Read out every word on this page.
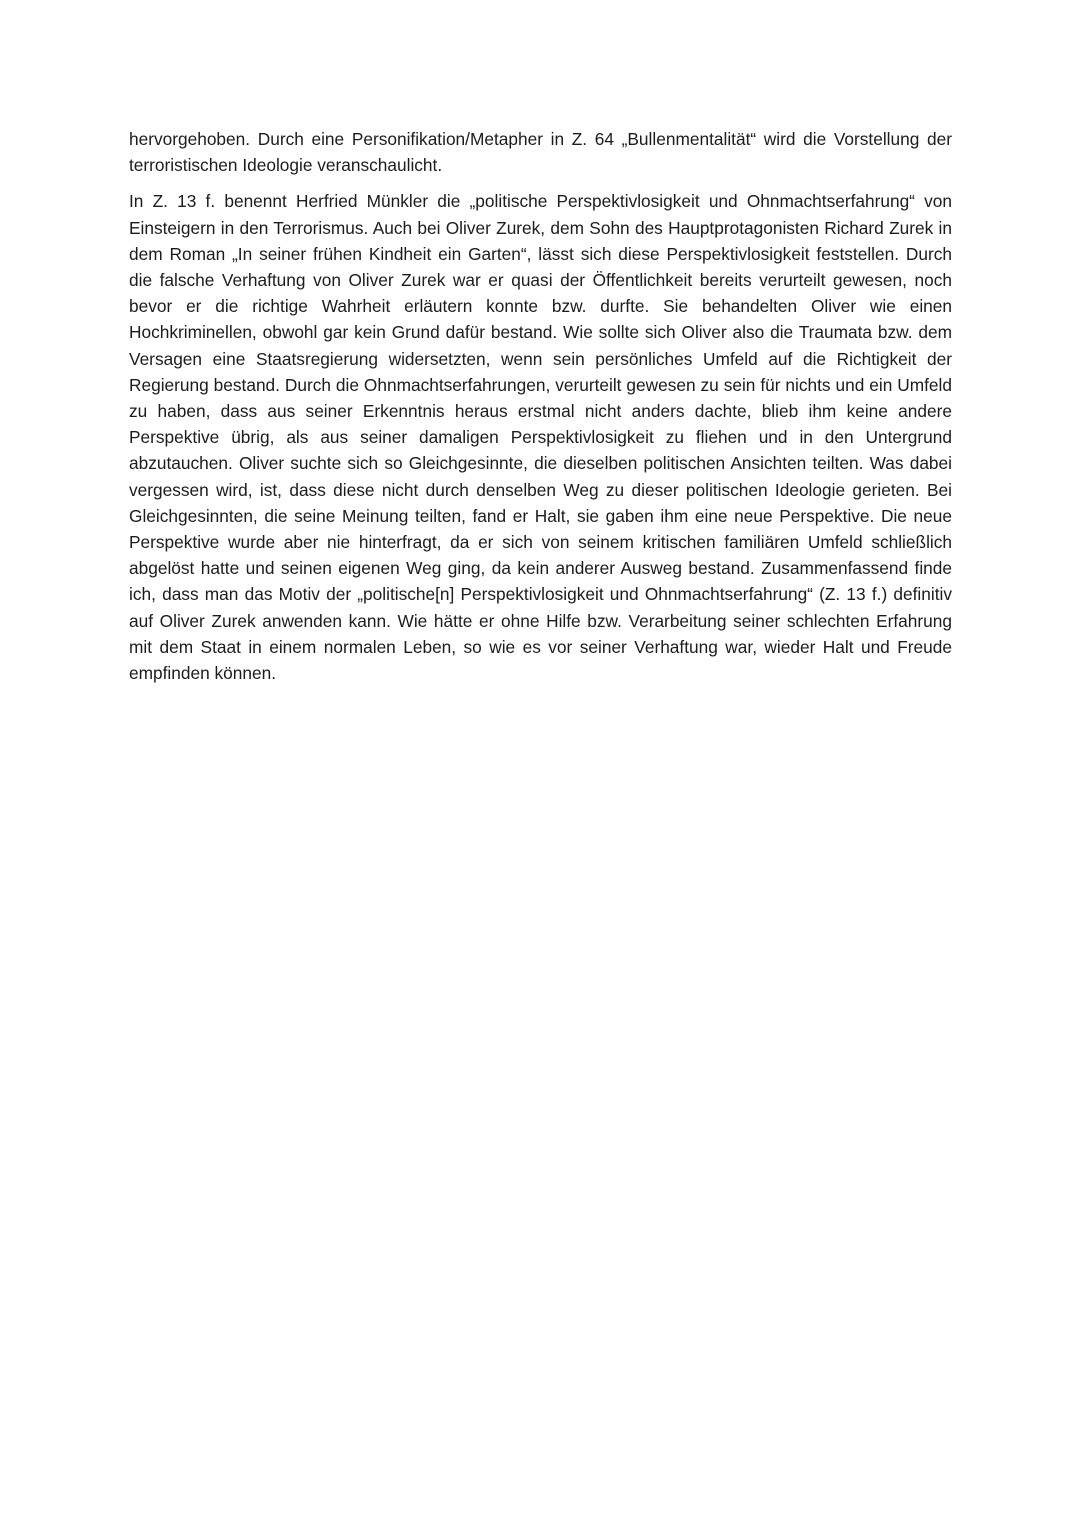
hervorgehoben. Durch eine Personifikation/Metapher in Z. 64 „Bullenmentalität“ wird die Vorstellung der terroristischen Ideologie veranschaulicht.

In Z. 13 f. benennt Herfried Münkler die „politische Perspektivlosigkeit und Ohnmachtserfahrung“ von Einsteigern in den Terrorismus. Auch bei Oliver Zurek, dem Sohn des Hauptprotagonisten Richard Zurek in dem Roman „In seiner frühen Kindheit ein Garten“, lässt sich diese Perspektivlosigkeit feststellen. Durch die falsche Verhaftung von Oliver Zurek war er quasi der Öffentlichkeit bereits verurteilt gewesen, noch bevor er die richtige Wahrheit erläutern konnte bzw. durfte. Sie behandelten Oliver wie einen Hochkriminellen, obwohl gar kein Grund dafür bestand. Wie sollte sich Oliver also die Traumata bzw. dem Versagen eine Staatsregierung widersetzten, wenn sein persönliches Umfeld auf die Richtigkeit der Regierung bestand. Durch die Ohnmachtserfahrungen, verurteilt gewesen zu sein für nichts und ein Umfeld zu haben, dass aus seiner Erkenntnis heraus erstmal nicht anders dachte, blieb ihm keine andere Perspektive übrig, als aus seiner damaligen Perspektivlosigkeit zu fliehen und in den Untergrund abzutauchen. Oliver suchte sich so Gleichgesinnte, die dieselben politischen Ansichten teilten. Was dabei vergessen wird, ist, dass diese nicht durch denselben Weg zu dieser politischen Ideologie gerieten. Bei Gleichgesinnten, die seine Meinung teilten, fand er Halt, sie gaben ihm eine neue Perspektive. Die neue Perspektive wurde aber nie hinterfragt, da er sich von seinem kritischen familiären Umfeld schließlich abgelöst hatte und seinen eigenen Weg ging, da kein anderer Ausweg bestand. Zusammenfassend finde ich, dass man das Motiv der „politische[n] Perspektivlosigkeit und Ohnmachtserfahrung“ (Z. 13 f.) definitiv auf Oliver Zurek anwenden kann. Wie hätte er ohne Hilfe bzw. Verarbeitung seiner schlechten Erfahrung mit dem Staat in einem normalen Leben, so wie es vor seiner Verhaftung war, wieder Halt und Freude empfinden können.
